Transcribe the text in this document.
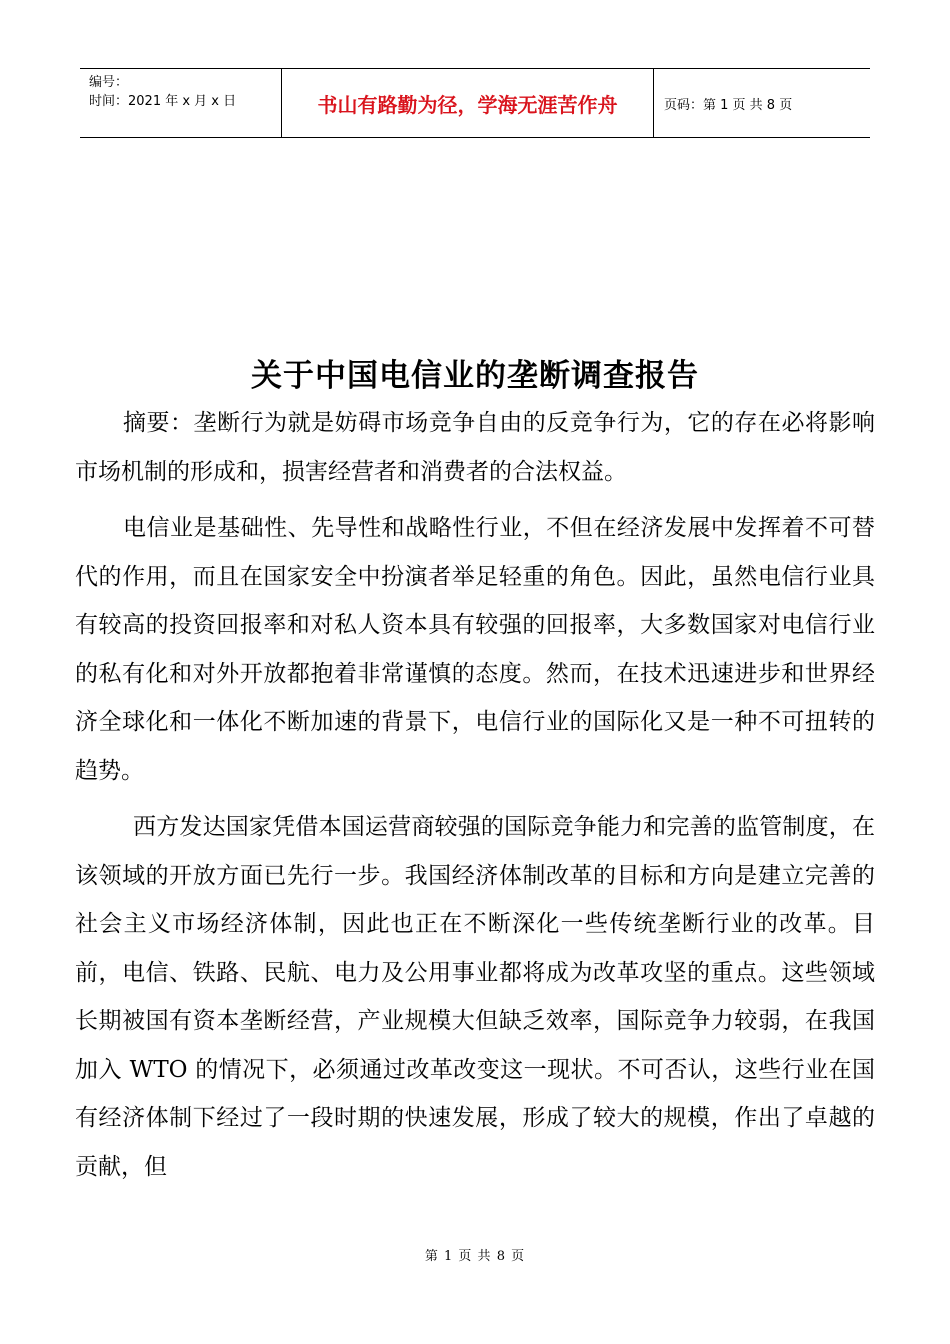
编号：
时间：2021 年 x 月 x 日	书山有路勤为径，学海无涯苦作舟	页码：第 1 页 共 8 页
关于中国电信业的垄断调查报告

摘要：垄断行为就是妨碍市场竞争自由的反竞争行为，它的存在必将影响市场机制的形成和，损害经营者和消费者的合法权益。

电信业是基础性、先导性和战略性行业，不但在经济发展中发挥着不可替代的作用，而且在国家安全中扮演者举足轻重的角色。因此，虽然电信行业具有较高的投资回报率和对私人资本具有较强的回报率，大多数国家对电信行业的私有化和对外开放都抱着非常谨慎的态度。然而，在技术迅速进步和世界经济全球化和一体化不断加速的背景下，电信行业的国际化又是一种不可扭转的趋势。

西方发达国家凭借本国运营商较强的国际竞争能力和完善的监管制度，在该领域的开放方面已先行一步。我国经济体制改革的目标和方向是建立完善的社会主义市场经济体制，因此也正在不断深化一些传统垄断行业的改革。目前，电信、铁路、民航、电力及公用事业都将成为改革攻坚的重点。这些领域长期被国有资本垄断经营，产业规模大但缺乏效率，国际竞争力较弱，在我国加入 WTO 的情况下，必须通过改革改变这一现状。不可否认，这些行业在国有经济体制下经过了一段时期的快速发展，形成了较大的规模，作出了卓越的贡献，但

第 1 页 共 8 页
